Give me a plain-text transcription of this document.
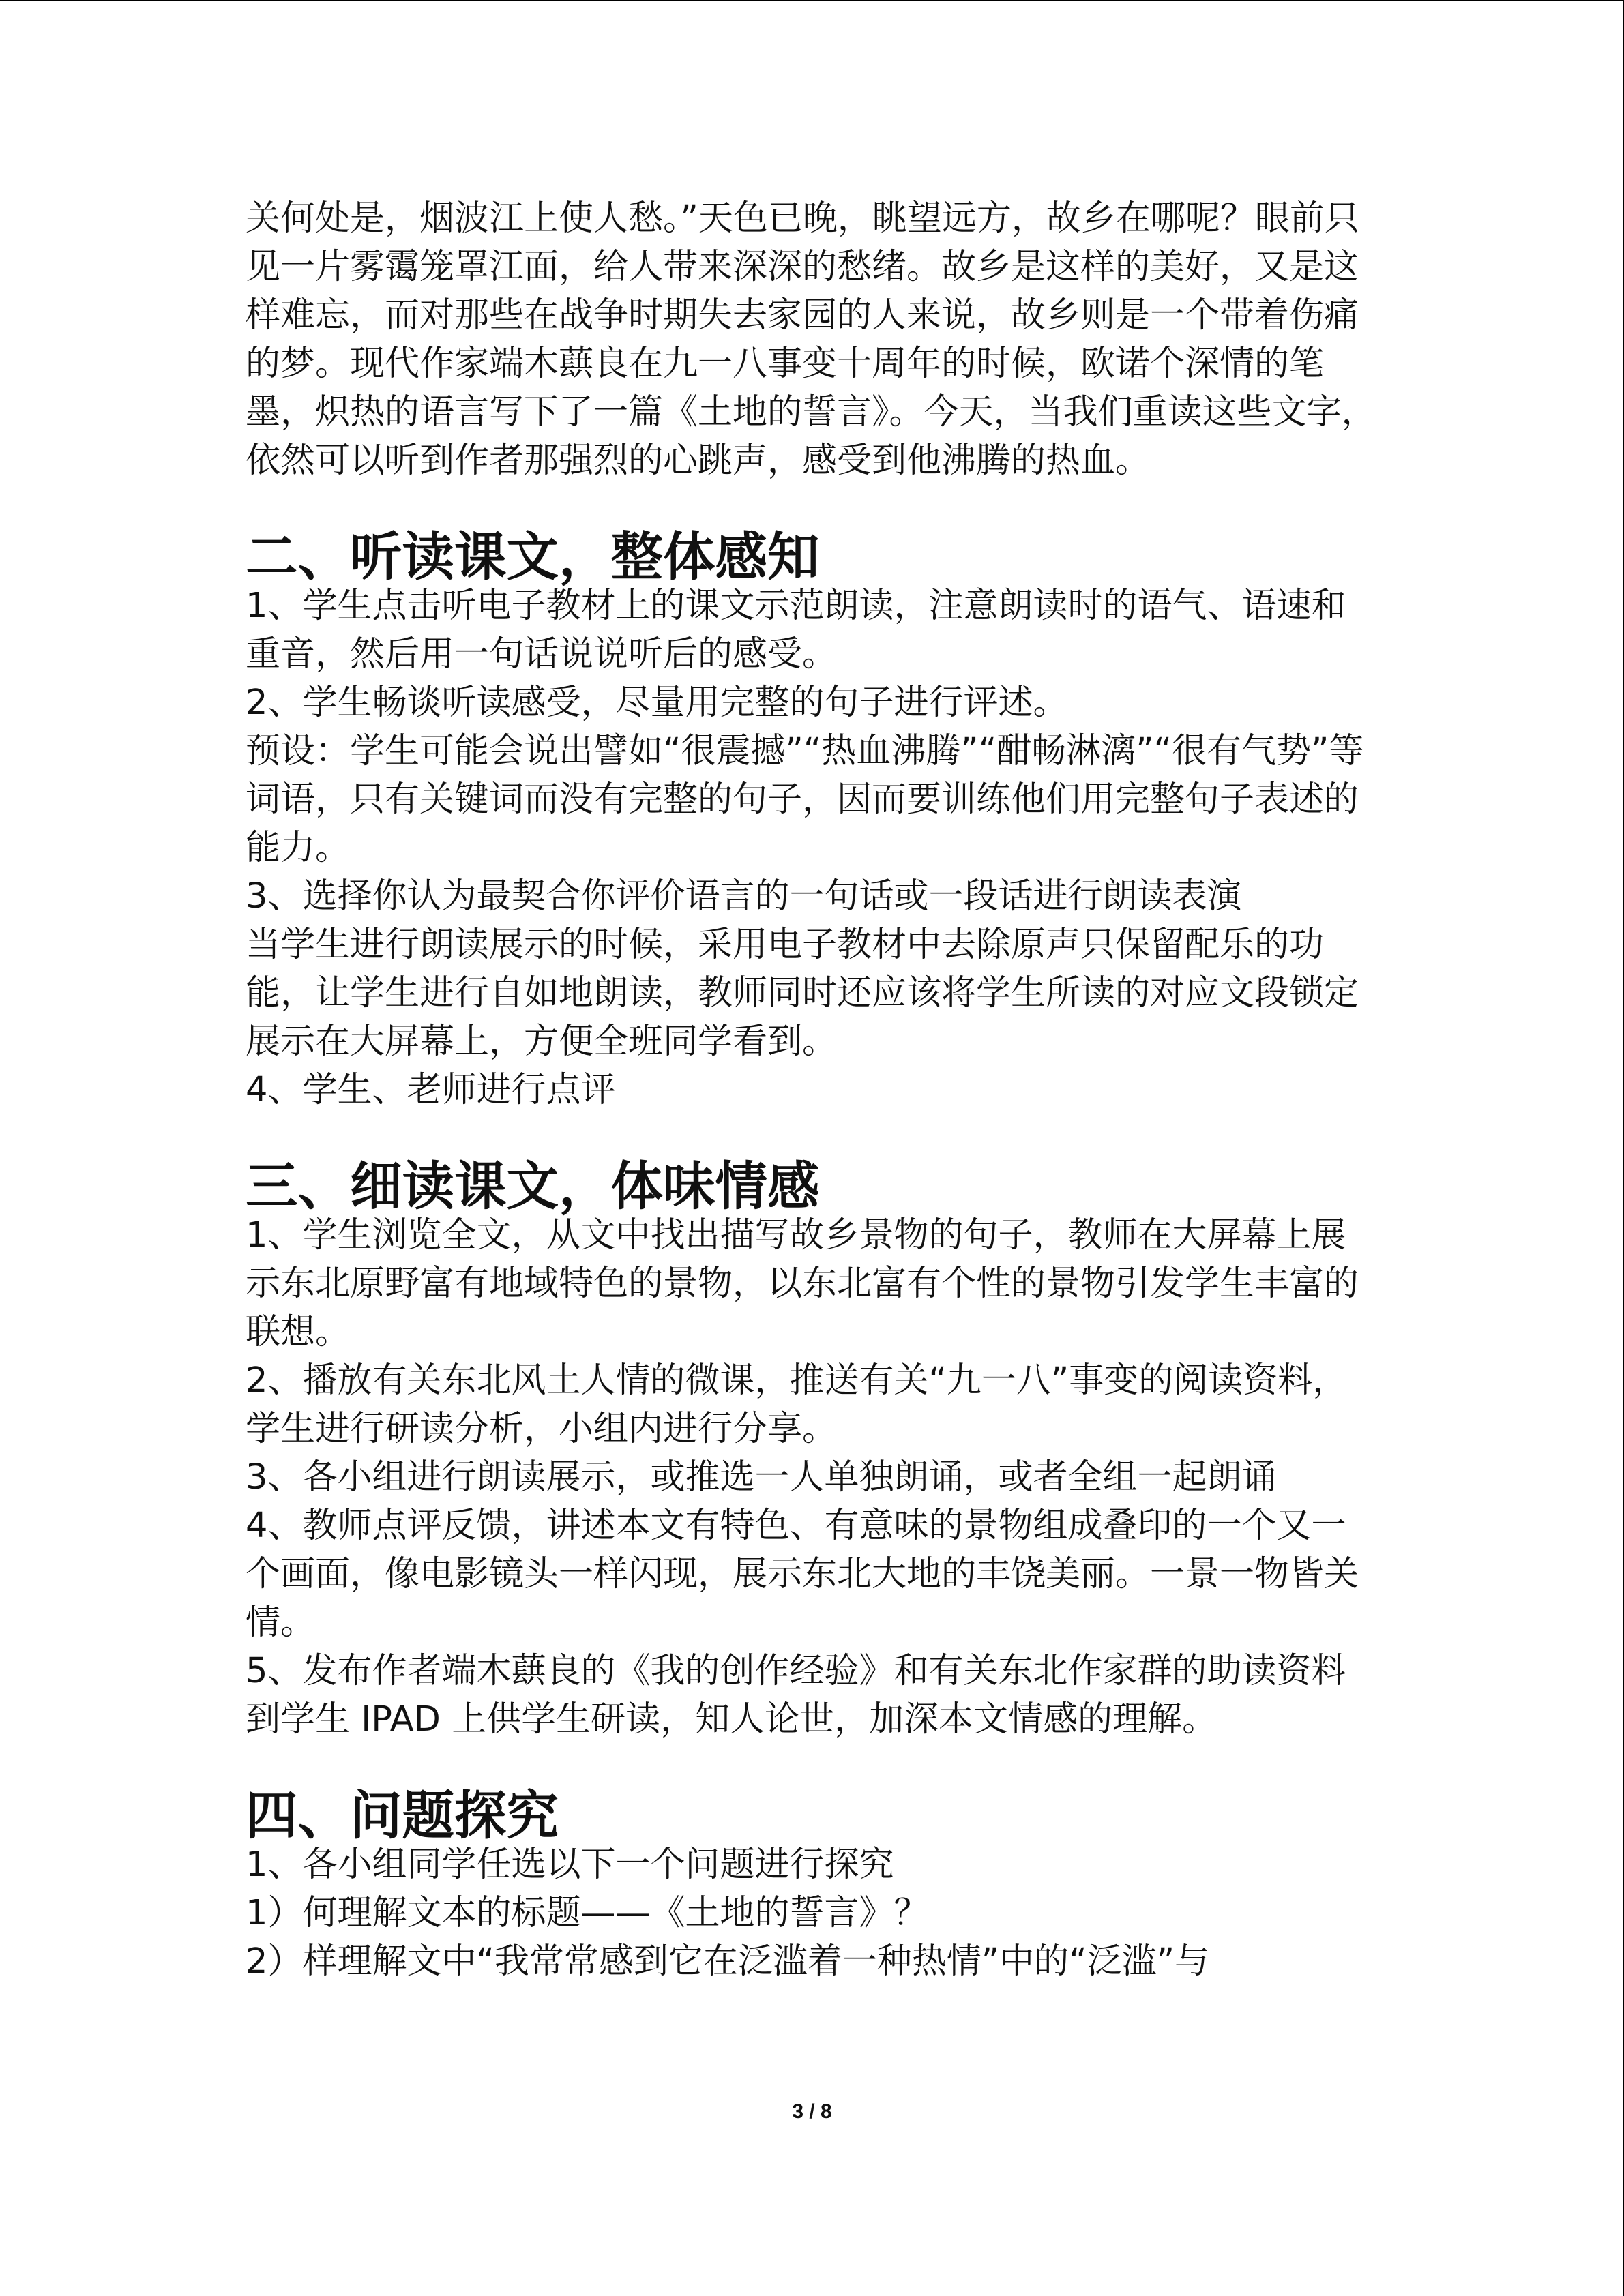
关何处是，烟波江上使人愁。”天色已晚，眺望远方，故乡在哪呢？眼前只见一片雾霭笼罩江面，给人带来深深的愁绪。故乡是这样的美好，又是这样难忘，而对那些在战争时期失去家园的人来说，故乡则是一个带着伤痛的梦。现代作家端木蕻良在九一八事变十周年的时候，欧诺个深情的笔墨，炽热的语言写下了一篇《土地的誓言》。今天，当我们重读这些文字，依然可以听到作者那强烈的心跳声，感受到他沸腾的热血。

二、听读课文，整体感知

1、学生点击听电子教材上的课文示范朗读，注意朗读时的语气、语速和重音，然后用一句话说说听后的感受。

2、学生畅谈听读感受，尽量用完整的句子进行评述。

预设：学生可能会说出譬如“很震撼”“热血沸腾”“酣畅淋漓”“很有气势”等词语，只有关键词而没有完整的句子，因而要训练他们用完整句子表述的能力。

3、选择你认为最契合你评价语言的一句话或一段话进行朗读表演

当学生进行朗读展示的时候，采用电子教材中去除原声只保留配乐的功能，让学生进行自如地朗读，教师同时还应该将学生所读的对应文段锁定展示在大屏幕上，方便全班同学看到。

4、学生、老师进行点评

三、细读课文，体味情感

1、学生浏览全文，从文中找出描写故乡景物的句子，教师在大屏幕上展示东北原野富有地域特色的景物，以东北富有个性的景物引发学生丰富的联想。

2、播放有关东北风土人情的微课，推送有关“九一八”事变的阅读资料，学生进行研读分析，小组内进行分享。

3、各小组进行朗读展示，或推选一人单独朗诵，或者全组一起朗诵

4、教师点评反馈，讲述本文有特色、有意味的景物组成叠印的一个又一个画面，像电影镜头一样闪现，展示东北大地的丰饶美丽。一景一物皆关情。

5、发布作者端木蕻良的《我的创作经验》和有关东北作家群的助读资料到学生 IPAD 上供学生研读，知人论世，加深本文情感的理解。

四、问题探究

1、各小组同学任选以下一个问题进行探究

1）何理解文本的标题——《土地的誓言》？

2）样理解文中“我常常感到它在泛滥着一种热情”中的“泛滥”与

3 / 8
